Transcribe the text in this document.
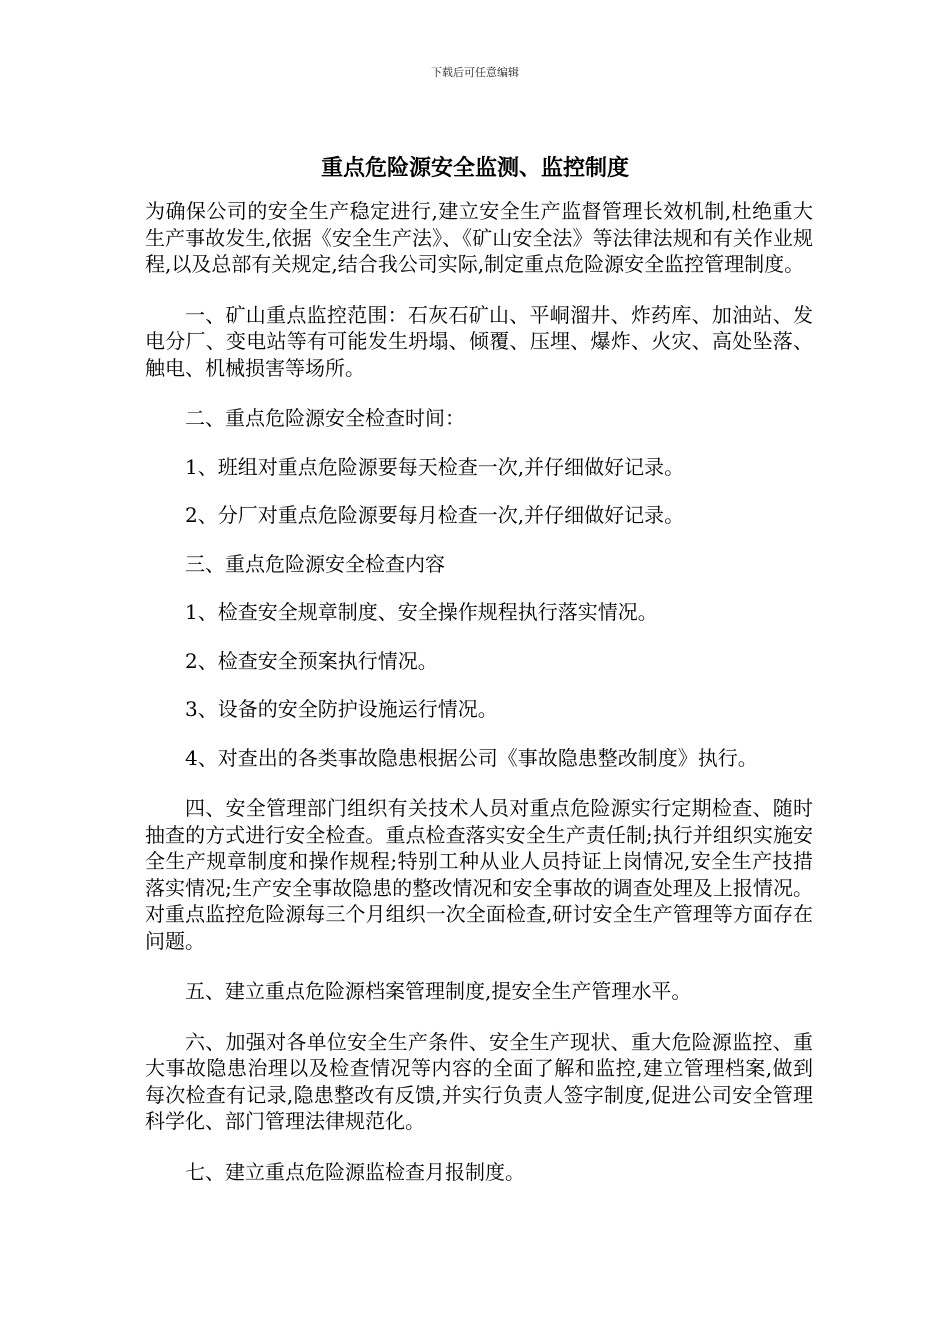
下载后可任意编辑
重点危险源安全监测、监控制度

为确保公司的安全生产稳定进行,建立安全生产监督管理长效机制,杜绝重大生产事故发生,依据《安全生产法》、《矿山安全法》等法律法规和有关作业规程,以及总部有关规定,结合我公司实际,制定重点危险源安全监控管理制度。

一、矿山重点监控范围：石灰石矿山、平峒溜井、炸药库、加油站、发电分厂、变电站等有可能发生坍塌、倾覆、压埋、爆炸、火灾、高处坠落、触电、机械损害等场所。

二、重点危险源安全检查时间：

1、班组对重点危险源要每天检查一次,并仔细做好记录。

2、分厂对重点危险源要每月检查一次,并仔细做好记录。

三、重点危险源安全检查内容

1、检查安全规章制度、安全操作规程执行落实情况。

2、检查安全预案执行情况。

3、设备的安全防护设施运行情况。

4、对查出的各类事故隐患根据公司《事故隐患整改制度》执行。

四、安全管理部门组织有关技术人员对重点危险源实行定期检查、随时抽查的方式进行安全检查。重点检查落实安全生产责任制;执行并组织实施安全生产规章制度和操作规程;特别工种从业人员持证上岗情况,安全生产技措落实情况;生产安全事故隐患的整改情况和安全事故的调查处理及上报情况。对重点监控危险源每三个月组织一次全面检查,研讨安全生产管理等方面存在问题。

五、建立重点危险源档案管理制度,提安全生产管理水平。

六、加强对各单位安全生产条件、安全生产现状、重大危险源监控、重大事故隐患治理以及检查情况等内容的全面了解和监控,建立管理档案,做到每次检查有记录,隐患整改有反馈,并实行负责人签字制度,促进公司安全管理科学化、部门管理法律规范化。

七、建立重点危险源监检查月报制度。
